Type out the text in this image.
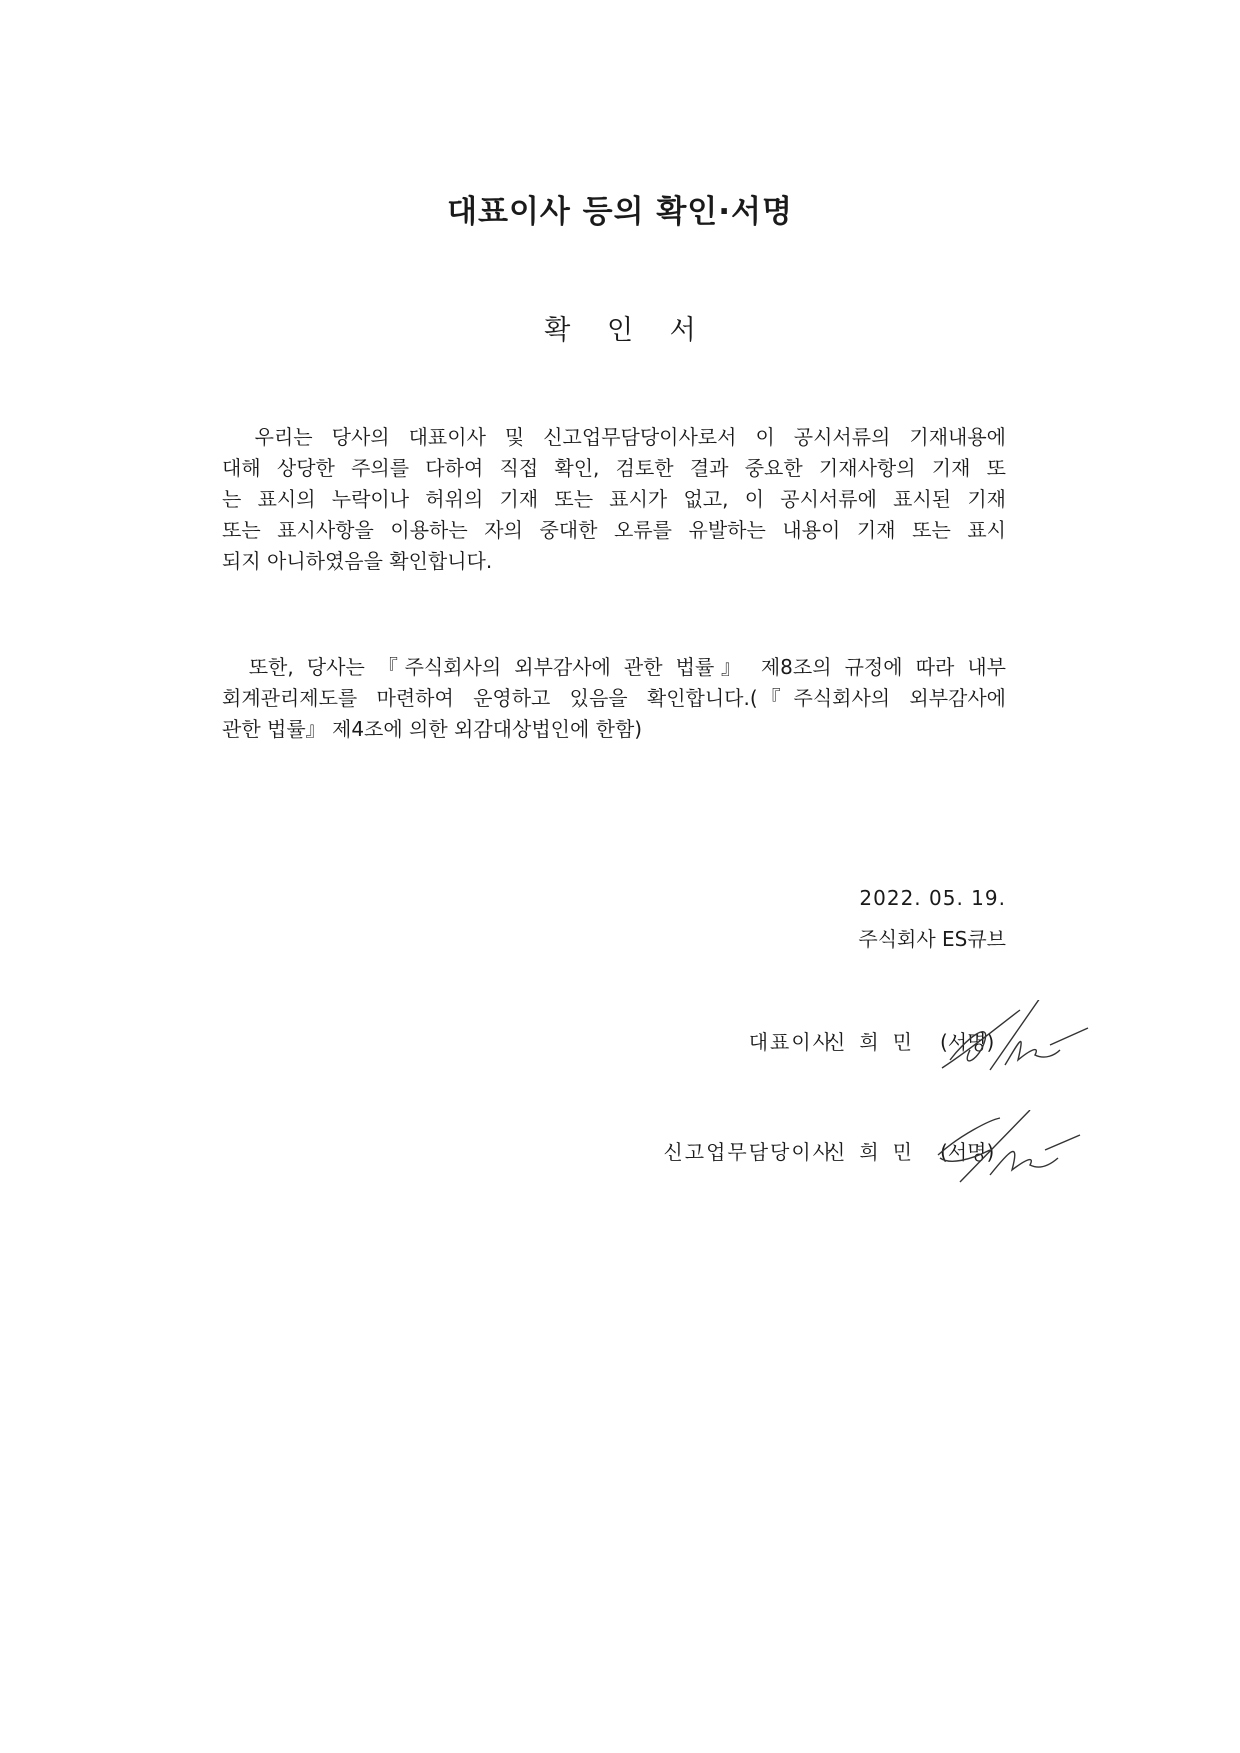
대표이사 등의 확인·서명
확 인 서
　우리는 당사의 대표이사 및 신고업무담당이사로서 이 공시서류의 기재내용에
대해 상당한 주의를 다하여 직접 확인, 검토한 결과 중요한 기재사항의 기재 또
는 표시의 누락이나 허위의 기재 또는 표시가 없고, 이 공시서류에 표시된 기재
또는 표시사항을 이용하는 자의 중대한 오류를 유발하는 내용이 기재 또는 표시
되지 아니하였음을 확인합니다.
　또한, 당사는 『주식회사의 외부감사에 관한 법률』 제8조의 규정에 따라 내부
회계관리제도를 마련하여 운영하고 있음을 확인합니다.(『주식회사의 외부감사에
관한 법률』 제4조에 의한 외감대상법인에 한함)
2022. 05. 19.
주식회사 ES큐브
대표이사
신희민 (서명)
신고업무담당이사
신희민 (서명)
